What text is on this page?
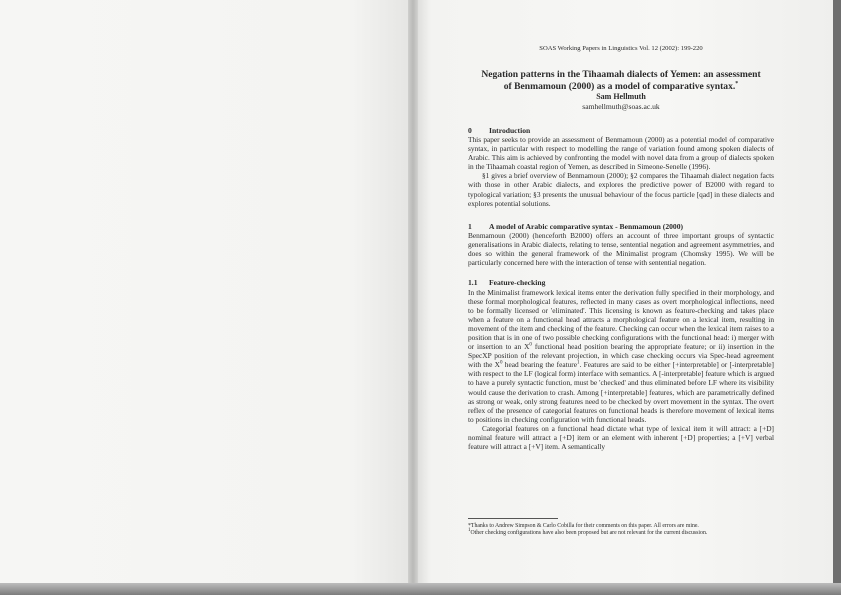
SOAS Working Papers in Linguistics Vol. 12 (2002): 199-220
Negation patterns in the Tihaamah dialects of Yemen: an assessment
of Benmamoun (2000) as a model of comparative syntax.*
Sam Hellmuth
samhellmuth@soas.ac.uk
0 Introduction

This paper seeks to provide an assessment of Benmamoun (2000) as a potential model of comparative syntax, in particular with respect to modelling the range of variation found among spoken dialects of Arabic. This aim is achieved by confronting the model with novel data from a group of dialects spoken in the Tihaamah coastal region of Yemen, as described in Simeone-Senelle (1996).

§1 gives a brief overview of Benmamoun (2000); §2 compares the Tihaamah dialect negation facts with those in other Arabic dialects, and explores the predictive power of B2000 with regard to typological variation; §3 presents the unusual behaviour of the focus particle [qad] in these dialects and explores potential solutions.

1 A model of Arabic comparative syntax - Benmamoun (2000)

Benmamoun (2000) (henceforth B2000) offers an account of three important groups of syntactic generalisations in Arabic dialects, relating to tense, sentential negation and agreement asymmetries, and does so within the general framework of the Minimalist program (Chomsky 1995). We will be particularly concerned here with the interaction of tense with sentential negation.

1.1 Feature-checking

In the Minimalist framework lexical items enter the derivation fully specified in their morphology, and these formal morphological features, reflected in many cases as overt morphological inflections, need to be formally licensed or 'eliminated'. This licensing is known as feature-checking and takes place when a feature on a functional head attracts a morphological feature on a lexical item, resulting in movement of the item and checking of the feature. Checking can occur when the lexical item raises to a position that is in one of two possible checking configurations with the functional head: i) merger with or insertion to an $X^0$ functional head position bearing the appropriate feature; or ii) insertion in the SpecXP position of the relevant projection, in which case checking occurs via Spec-head agreement with the $X^0$ head bearing the feature$^1$. Features are said to be either [+interpretable] or [-interpretable] with respect to the LF (logical form) interface with semantics. A [-interpretable] feature which is argued to have a purely syntactic function, must be 'checked' and thus eliminated before LF where its visibility would cause the derivation to crash. Among [+interpretable] features, which are parametrically defined as strong or weak, only strong features need to be checked by overt movement in the syntax. The overt reflex of the presence of categorial features on functional heads is therefore movement of lexical items to positions in checking configuration with functional heads.

Categorial features on a functional head dictate what type of lexical item it will attract: a [+D] nominal feature will attract a [+D] item or an element with inherent [+D] properties; a [+V] verbal feature will attract a [+V] item. A semantically

*Thanks to Andrew Simpson & Carlo Cobilla for their comments on this paper. All errors are mine.

$^1$Other checking configurations have also been proposed but are not relevant for the current discussion.
